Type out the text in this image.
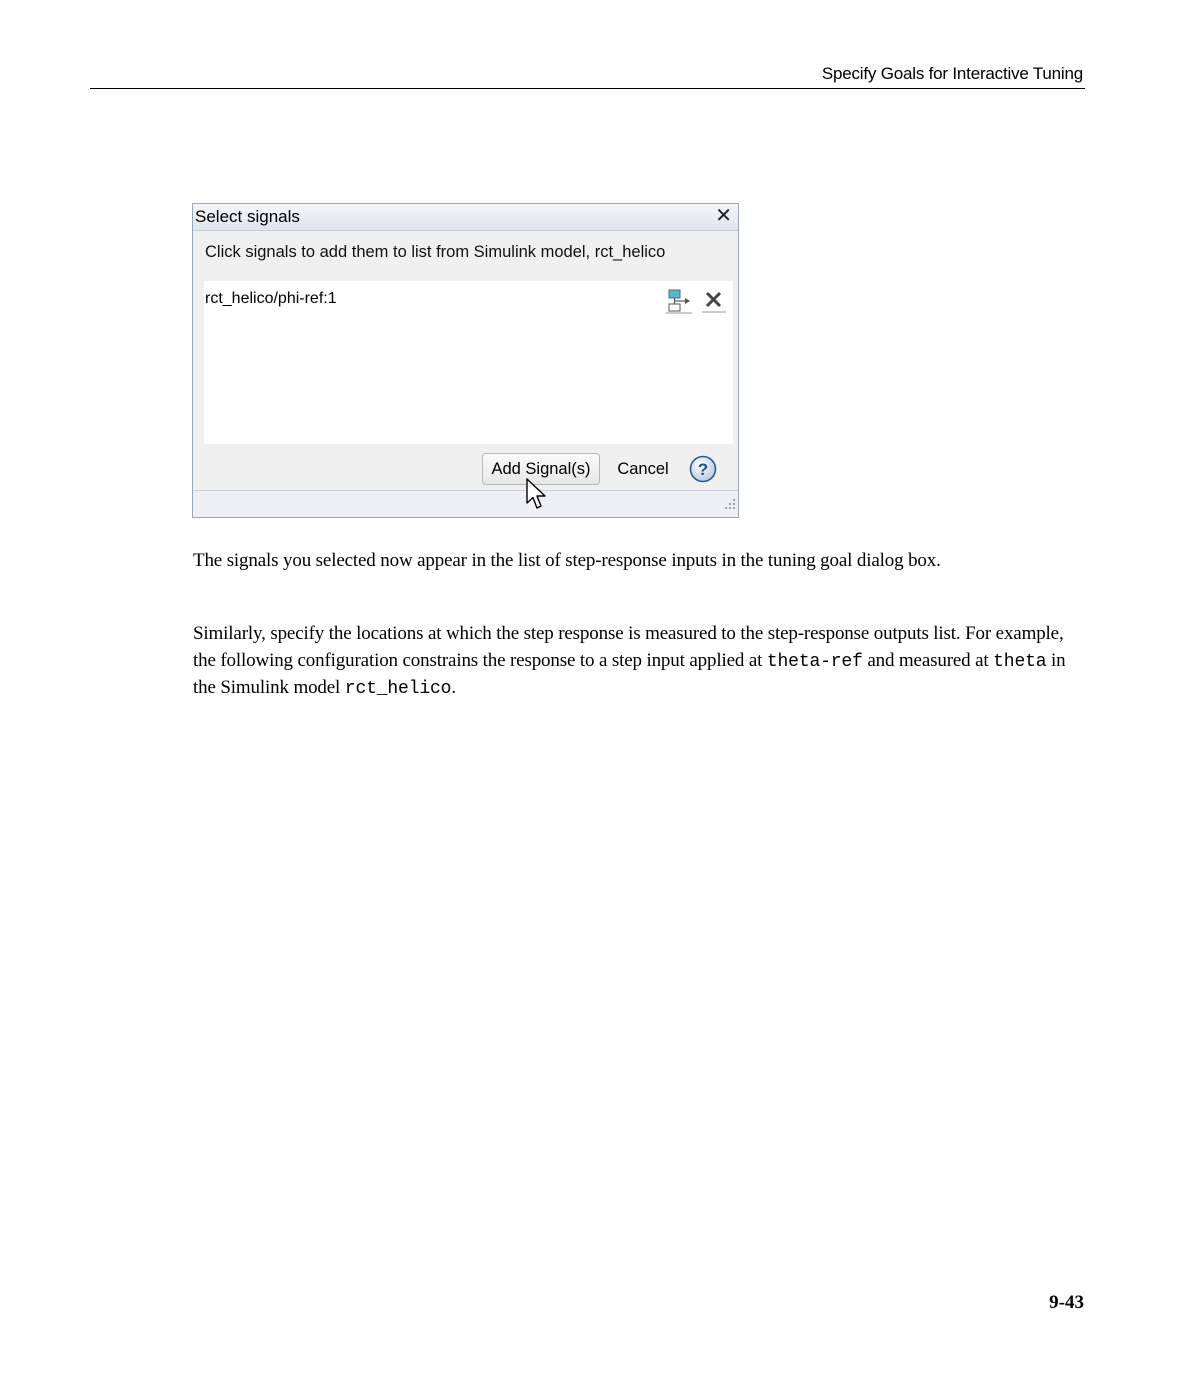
Specify Goals for Interactive Tuning
Select signals	✕
Click signals to add them to list from Simulink model, rct_helico
rct_helico/phi-ref:1
Add Signal(s)	Cancel	?

The signals you selected now appear in the list of step-response inputs in the tuning goal dialog box.

Similarly, specify the locations at which the step response is measured to the step-response outputs list. For example, the following configuration constrains the response to a step input applied at theta-ref and measured at theta in the Simulink model rct_helico.

9-43
